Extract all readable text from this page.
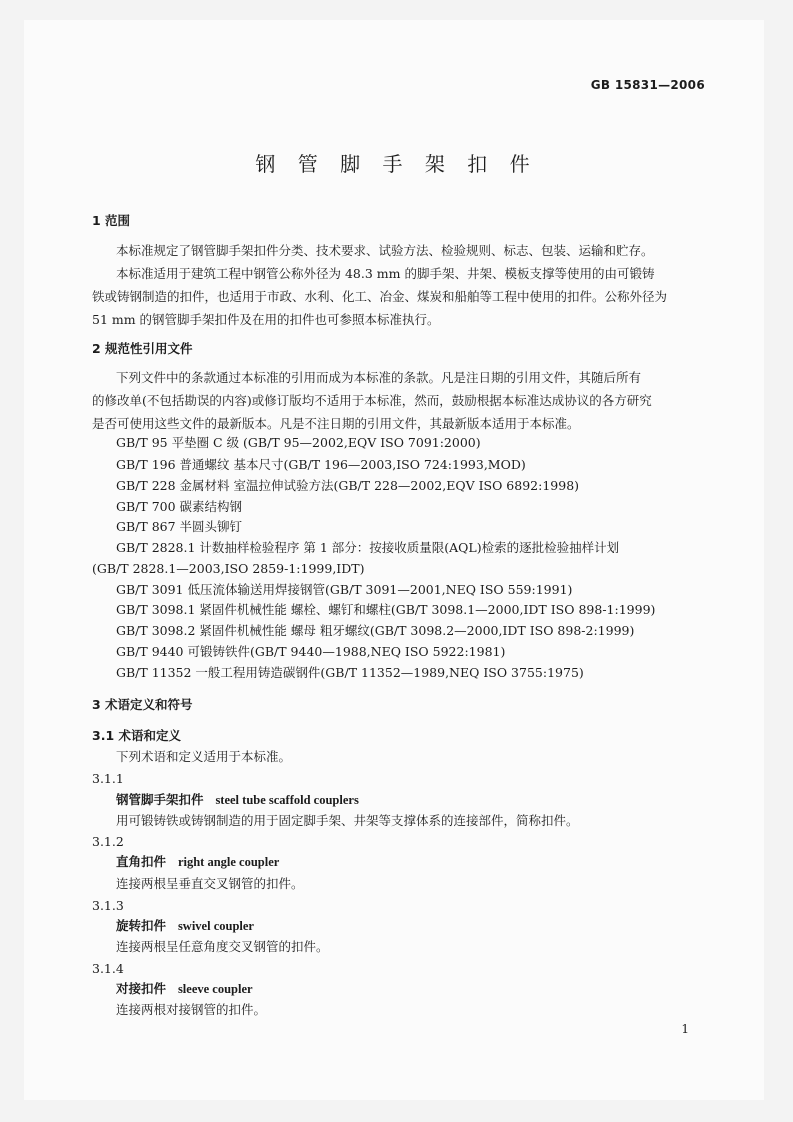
GB 15831—2006
钢 管 脚 手 架 扣 件
1 范围
本标准规定了钢管脚手架扣件分类、技术要求、试验方法、检验规则、标志、包装、运输和贮存。
本标准适用于建筑工程中钢管公称外径为 48.3 mm 的脚手架、井架、模板支撑等使用的由可锻铸
铁或铸钢制造的扣件，也适用于市政、水利、化工、冶金、煤炭和船舶等工程中使用的扣件。公称外径为
51 mm 的钢管脚手架扣件及在用的扣件也可参照本标准执行。
2 规范性引用文件
下列文件中的条款通过本标准的引用而成为本标准的条款。凡是注日期的引用文件，其随后所有
的修改单(不包括勘误的内容)或修订版均不适用于本标准，然而，鼓励根据本标准达成协议的各方研究
是否可使用这些文件的最新版本。凡是不注日期的引用文件，其最新版本适用于本标准。
GB/T 95 平垫圈 C 级 (GB/T 95—2002,EQV ISO 7091:2000)
GB/T 196 普通螺纹 基本尺寸(GB/T 196—2003,ISO 724:1993,MOD)
GB/T 228 金属材料 室温拉伸试验方法(GB/T 228—2002,EQV ISO 6892:1998)
GB/T 700 碳素结构钢
GB/T 867 半圆头铆钉
GB/T 2828.1 计数抽样检验程序 第 1 部分：按接收质量限(AQL)检索的逐批检验抽样计划
(GB/T 2828.1—2003,ISO 2859-1:1999,IDT)
GB/T 3091 低压流体输送用焊接钢管(GB/T 3091—2001,NEQ ISO 559:1991)
GB/T 3098.1 紧固件机械性能 螺栓、螺钉和螺柱(GB/T 3098.1—2000,IDT ISO 898-1:1999)
GB/T 3098.2 紧固件机械性能 螺母 粗牙螺纹(GB/T 3098.2—2000,IDT ISO 898-2:1999)
GB/T 9440 可锻铸铁件(GB/T 9440—1988,NEQ ISO 5922:1981)
GB/T 11352 一般工程用铸造碳钢件(GB/T 11352—1989,NEQ ISO 3755:1975)
3 术语定义和符号
3.1 术语和定义
下列术语和定义适用于本标准。
3.1.1
钢管脚手架扣件 steel tube scaffold couplers
用可锻铸铁或铸钢制造的用于固定脚手架、井架等支撑体系的连接部件，简称扣件。
3.1.2
直角扣件 right angle coupler
连接两根呈垂直交叉钢管的扣件。
3.1.3
旋转扣件 swivel coupler
连接两根呈任意角度交叉钢管的扣件。
3.1.4
对接扣件 sleeve coupler
连接两根对接钢管的扣件。
1
